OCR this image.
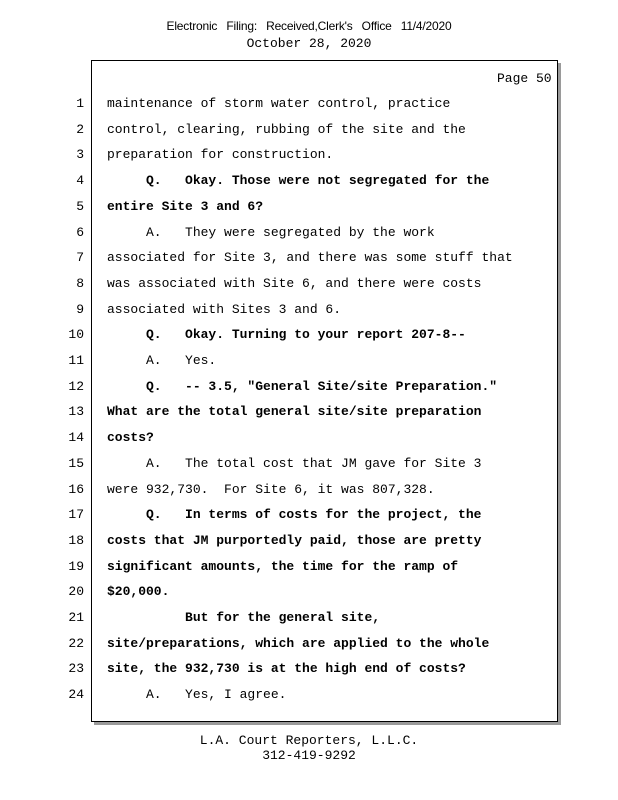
Electronic Filing: Received,Clerk's Office 11/4/2020
October 28, 2020
Page 50
1 maintenance of storm water control, practice
2 control, clearing, rubbing of the site and the
3 preparation for construction.
4 Q.   Okay. Those were not segregated for the
5 entire Site 3 and 6?
6 A.   They were segregated by the work
7 associated for Site 3, and there was some stuff that
8 was associated with Site 6, and there were costs
9 associated with Sites 3 and 6.
10 Q.   Okay. Turning to your report 207-8--
11 A.   Yes.
12 Q.   -- 3.5, "General Site/site Preparation."
13 What are the total general site/site preparation
14 costs?
15 A.   The total cost that JM gave for Site 3
16 were 932,730.  For Site 6, it was 807,328.
17 Q.   In terms of costs for the project, the
18 costs that JM purportedly paid, those are pretty
19 significant amounts, the time for the ramp of
20 $20,000.
21 But for the general site,
22 site/preparations, which are applied to the whole
23 site, the 932,730 is at the high end of costs?
24 A.   Yes, I agree.
L.A. Court Reporters, L.L.C.
312-419-9292
